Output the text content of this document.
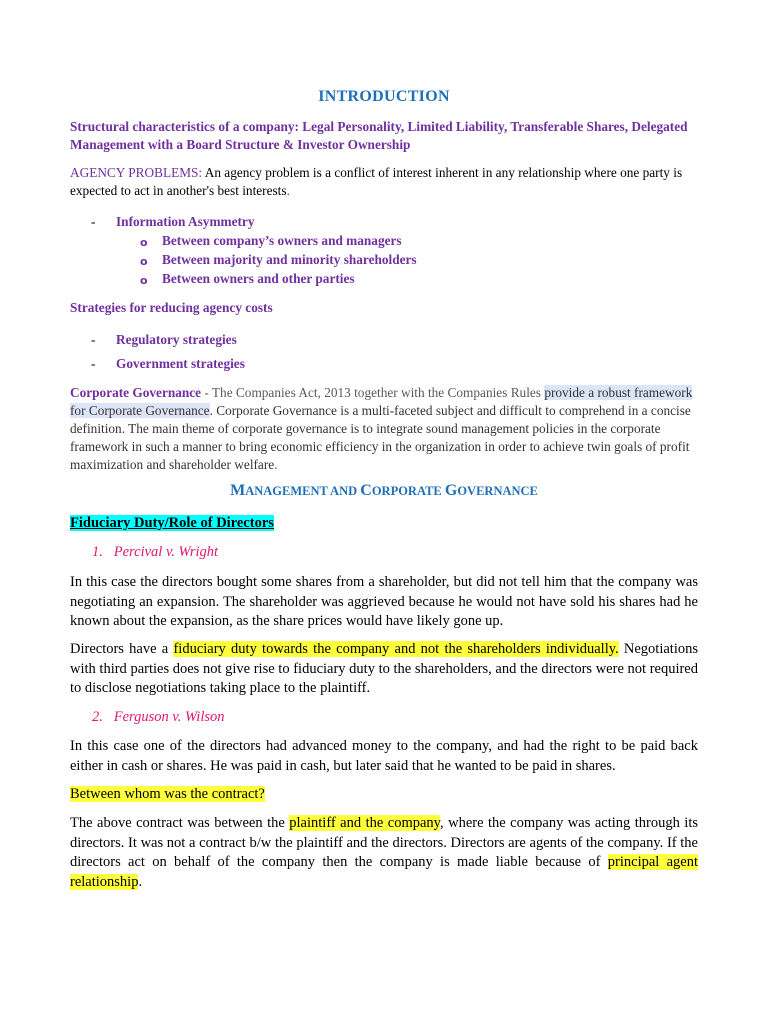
INTRODUCTION
Structural characteristics of a company: Legal Personality, Limited Liability, Transferable Shares, Delegated Management with a Board Structure & Investor Ownership
AGENCY PROBLEMS: An agency problem is a conflict of interest inherent in any relationship where one party is expected to act in another's best interests.
- Information Asymmetry
o Between company’s owners and managers
o Between majority and minority shareholders
o Between owners and other parties
Strategies for reducing agency costs
- Regulatory strategies
- Government strategies
Corporate Governance - The Companies Act, 2013 together with the Companies Rules provide a robust framework for Corporate Governance. Corporate Governance is a multi-faceted subject and difficult to comprehend in a concise definition. The main theme of corporate governance is to integrate sound management policies in the corporate framework in such a manner to bring economic efficiency in the organization in order to achieve twin goals of profit maximization and shareholder welfare.
MANAGEMENT AND CORPORATE GOVERNANCE
Fiduciary Duty/Role of Directors
1.   Percival v. Wright
In this case the directors bought some shares from a shareholder, but did not tell him that the company was negotiating an expansion. The shareholder was aggrieved because he would not have sold his shares had he known about the expansion, as the share prices would have likely gone up.
Directors have a fiduciary duty towards the company and not the shareholders individually. Negotiations with third parties does not give rise to fiduciary duty to the shareholders, and the directors were not required to disclose negotiations taking place to the plaintiff.
2.   Ferguson v. Wilson
In this case one of the directors had advanced money to the company, and had the right to be paid back either in cash or shares. He was paid in cash, but later said that he wanted to be paid in shares.
Between whom was the contract?
The above contract was between the plaintiff and the company, where the company was acting through its directors. It was not a contract b/w the plaintiff and the directors. Directors are agents of the company. If the directors act on behalf of the company then the company is made liable because of principal agent relationship.
